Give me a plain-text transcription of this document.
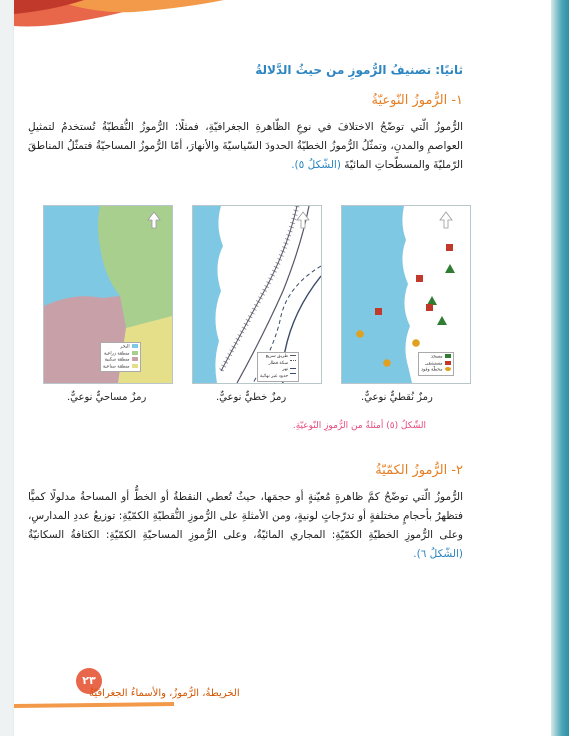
ثانيًا: تصنيفُ الرُّموزِ من حيثُ الدَّلالةُ
١- الرُّموزُ النّوعيّةُ
الرُّموزُ الّتي توضّحُ الاختلافَ في نوعِ الظّاهرةِ الجغرافيّةِ، فمثلًا: الرُّموزُ النُّقطيّةُ تُستخدمُ لتمثيلِ العواصمِ والمدنِ، وتمثّلُ الرُّموزُ الخطيّةُ الحدودَ السّياسيّةَ والأنهارَ، أمّا الرُّموزُ المساحيّةُ فتمثّلُ المناطقَ الرّمليّةَ والمسطّحاتِ المائيّةَ (الشّكلُ ٥).
مسجد
مستشفى
محطّة وقود
طريق سريع
سكة قطار
نهر
حدود غير نهائية
البحر
منطقة زراعية
منطقة سكنية
منطقة صناعية
رمزٌ نُقطيٌّ نوعيٌّ.
رمزٌ خطيٌّ نوعيٌّ.
رمزٌ مساحيٌّ نوعيٌّ.
الشّكلُ (٥) أمثلةٌ من الرُّموزِ النّوعيّةِ.
٢- الرُّموزُ الكمّيّةُ
الرُّموزُ الّتي توضّحُ كمَّ ظاهرةٍ مُعيّنةٍ أو حجمَها، حيثُ تُعطي النقطةُ أو الخطُّ أو المساحةُ مدلولًا كميًّا فتظهرُ بأحجامٍ مختلفةٍ أو تدرّجاتٍ لونيةٍ، ومن الأمثلةِ على الرُّموزِ النُّقطيّةِ الكمّيّةِ: توزيعُ عددِ المدارسِ، وعلى الرُّموزِ الخطيّةِ الكمّيّةِ: المجاري المائيّةُ، وعلى الرُّموزِ المساحيّةِ الكمّيّةِ: الكثافةُ السكانيّةُ (الشّكلُ ٦).
٢٣
الخريطةُ، الرُّموزُ، والأسماءُ الجغرافيّةُ
